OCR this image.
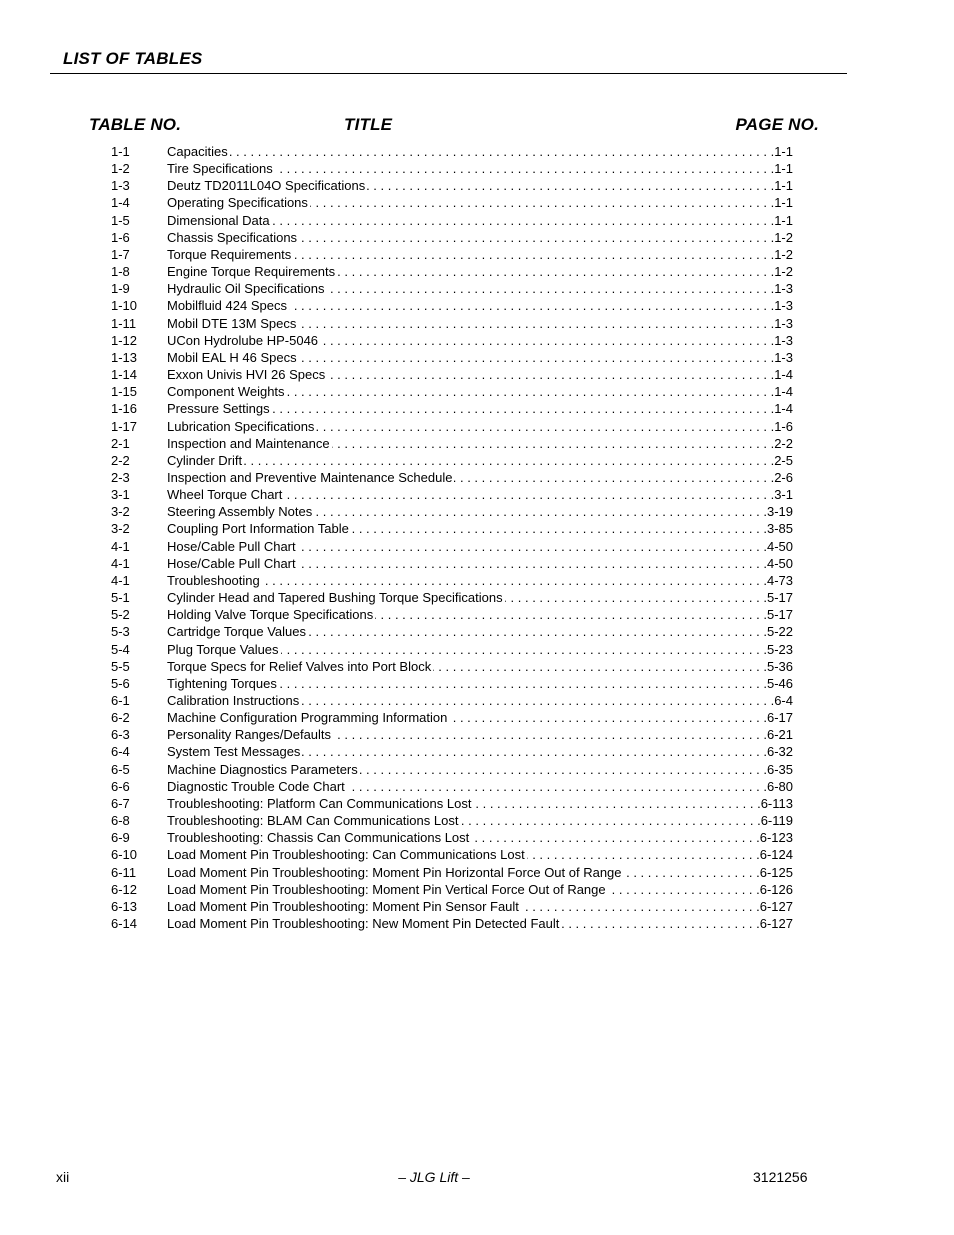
LIST OF TABLES
TABLE NO.	TITLE	PAGE NO.
1-1	Capacities . . .	1-1
1-2	Tire Specifications . . .	1-1
1-3	Deutz TD2011L04O Specifications . . .	1-1
1-4	Operating Specifications . . .	1-1
1-5	Dimensional Data . . .	1-1
1-6	Chassis Specifications . . .	1-2
1-7	Torque Requirements . . .	1-2
1-8	Engine Torque Requirements . . .	1-2
1-9	Hydraulic Oil Specifications . . .	1-3
1-10 Mobilfluid 424 Specs . . .	1-3
1-11 Mobil DTE 13M Specs . . .	1-3
1-12 UCon Hydrolube HP-5046 . . .	1-3
1-13 Mobil EAL H 46 Specs . . .	1-3
1-14 Exxon Univis HVI 26 Specs . . .	1-4
1-15 Component Weights . . .	1-4
1-16 Pressure Settings . . .	1-4
1-17 Lubrication Specifications . . .	1-6
2-1	Inspection and Maintenance . . .	2-2
2-2	Cylinder Drift . . .	2-5
2-3	Inspection and Preventive Maintenance Schedule . . .	2-6
3-1	Wheel Torque Chart . . .	3-1
3-2	Steering Assembly Notes . . .	3-19
3-2	Coupling Port Information Table . . .	3-85
4-1	Hose/Cable Pull Chart . . .	4-50
4-1	Hose/Cable Pull Chart . . .	4-50
4-1	Troubleshooting . . .	4-73
5-1	Cylinder Head and Tapered Bushing Torque Specifications . . .	5-17
5-2	Holding Valve Torque Specifications . . .	5-17
5-3	Cartridge Torque Values . . .	5-22
5-4	Plug Torque Values . . .	5-23
5-5	Torque Specs for Relief Valves into Port Block . . .	5-36
5-6	Tightening Torques . . .	5-46
6-1	Calibration Instructions . . .	6-4
6-2	Machine Configuration Programming Information . . .	6-17
6-3	Personality Ranges/Defaults . . .	6-21
6-4	System Test Messages . . .	6-32
6-5	Machine Diagnostics Parameters . . .	6-35
6-6	Diagnostic Trouble Code Chart . . .	6-80
6-7	Troubleshooting: Platform Can Communications Lost . . .	6-113
6-8	Troubleshooting: BLAM Can Communications Lost . . .	6-119
6-9	Troubleshooting: Chassis Can Communications Lost . . .	6-123
6-10 Load Moment Pin Troubleshooting: Can Communications Lost . . .	6-124
6-11 Load Moment Pin Troubleshooting: Moment Pin Horizontal Force Out of Range . . .	6-125
6-12 Load Moment Pin Troubleshooting: Moment Pin Vertical Force Out of Range . . .	6-126
6-13 Load Moment Pin Troubleshooting: Moment Pin Sensor Fault . . .	6-127
6-14 Load Moment Pin Troubleshooting: New Moment Pin Detected Fault . . .	6-127
xii	– JLG Lift –	3121256
